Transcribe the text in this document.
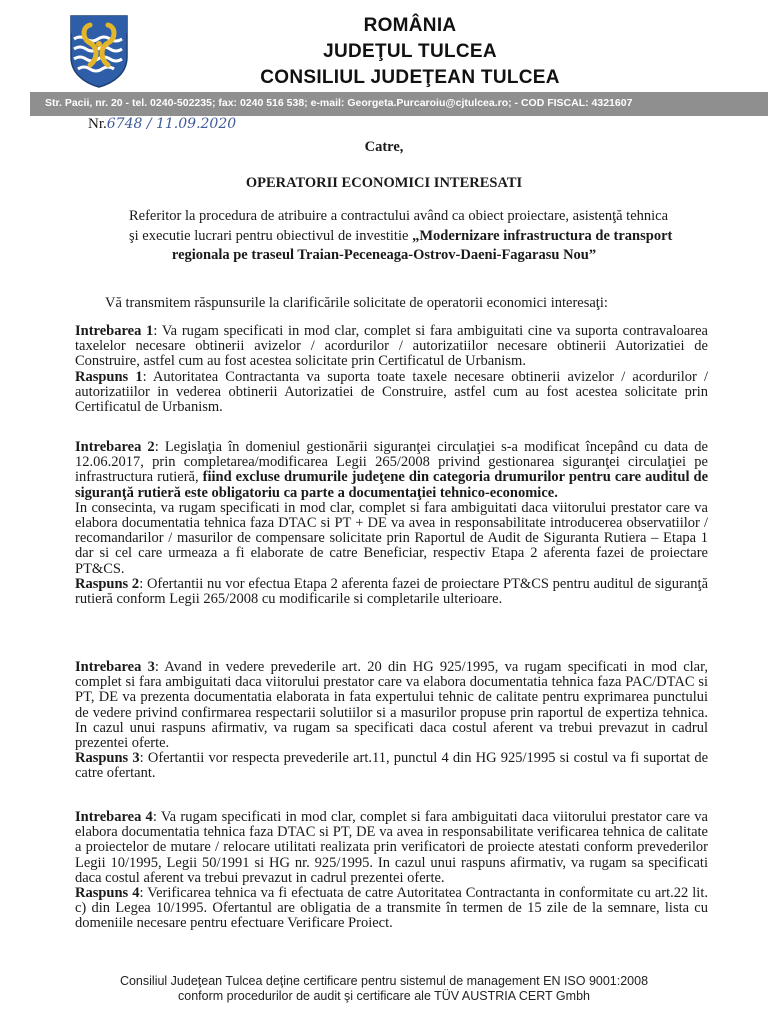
ROMÂNIA
JUDEŢUL TULCEA
CONSILIUL JUDEŢEAN TULCEA
Str. Pacii, nr. 20 - tel. 0240-502235; fax: 0240 516 538; e-mail: Georgeta.Purcaroiu@cjtulcea.ro; - COD FISCAL: 4321607
Nr.6748 / 11.09.2020
Catre,
OPERATORII ECONOMICI INTERESATI
Referitor la procedura de atribuire a contractului având ca obiect proiectare, asistenţă tehnica
şi executie lucrari pentru obiectivul de investitie „Modernizare infrastructura de transport
regionala pe traseul Traian-Peceneaga-Ostrov-Daeni-Fagarasu Nou”
Vă transmitem răspunsurile la clarificările solicitate de operatorii economici interesaţi:

Intrebarea 1: Va rugam specificati in mod clar, complet si fara ambiguitati cine va suporta contravaloarea taxelelor necesare obtinerii avizelor / acordurilor / autorizatiilor necesare obtinerii Autorizatiei de Construire, astfel cum au fost acestea solicitate prin Certificatul de Urbanism.

Raspuns 1: Autoritatea Contractanta va suporta toate taxele necesare obtinerii avizelor / acordurilor / autorizatiilor in vederea obtinerii Autorizatiei de Construire, astfel cum au fost acestea solicitate prin Certificatul de Urbanism.

Intrebarea 2: Legislaţia în domeniul gestionării siguranţei circulaţiei s-a modificat începând cu data de 12.06.2017, prin completarea/modificarea Legii 265/2008 privind gestionarea siguranţei circulaţiei pe infrastructura rutieră, fiind excluse drumurile judeţene din categoria drumurilor pentru care auditul de siguranţă rutieră este obligatoriu ca parte a documentaţiei tehnico-economice.

In consecinta, va rugam specificati in mod clar, complet si fara ambiguitati daca viitorului prestator care va elabora documentatia tehnica faza DTAC si PT + DE va avea in responsabilitate introducerea observatiilor / recomandarilor / masurilor de compensare solicitate prin Raportul de Audit de Siguranta Rutiera – Etapa 1 dar si cel care urmeaza a fi elaborate de catre Beneficiar, respectiv Etapa 2 aferenta fazei de proiectare PT&CS.

Raspuns 2: Ofertantii nu vor efectua Etapa 2 aferenta fazei de proiectare PT&CS pentru auditul de siguranţă rutieră conform Legii 265/2008 cu modificarile si completarile ulterioare.

Intrebarea 3: Avand in vedere prevederile art. 20 din HG 925/1995, va rugam specificati in mod clar, complet si fara ambiguitati daca viitorului prestator care va elabora documentatia tehnica faza PAC/DTAC si PT, DE va prezenta documentatia elaborata in fata expertului tehnic de calitate pentru exprimarea punctului de vedere privind confirmarea respectarii solutiilor si a masurilor propuse prin raportul de expertiza tehnica. In cazul unui raspuns afirmativ, va rugam sa specificati daca costul aferent va trebui prevazut in cadrul prezentei oferte.

Raspuns 3: Ofertantii vor respecta prevederile art.11, punctul 4 din HG 925/1995 si costul va fi suportat de catre ofertant.

Intrebarea 4: Va rugam specificati in mod clar, complet si fara ambiguitati daca viitorului prestator care va elabora documentatia tehnica faza DTAC si PT, DE va avea in responsabilitate verificarea tehnica de calitate a proiectelor de mutare / relocare utilitati realizata prin verificatori de proiecte atestati conform prevederilor Legii 10/1995, Legii 50/1991 si HG nr. 925/1995. In cazul unui raspuns afirmativ, va rugam sa specificati daca costul aferent va trebui prevazut in cadrul prezentei oferte.

Raspuns 4: Verificarea tehnica va fi efectuata de catre Autoritatea Contractanta in conformitate cu art.22 lit. c) din Legea 10/1995. Ofertantul are obligatia de a transmite în termen de 15 zile de la semnare, lista cu domeniile necesare pentru efectuare Verificare Proiect.

Consiliul Judeţean Tulcea deţine certificare pentru sistemul de management EN ISO 9001:2008
conform procedurilor de audit şi certificare ale TÜV AUSTRIA CERT Gmbh
